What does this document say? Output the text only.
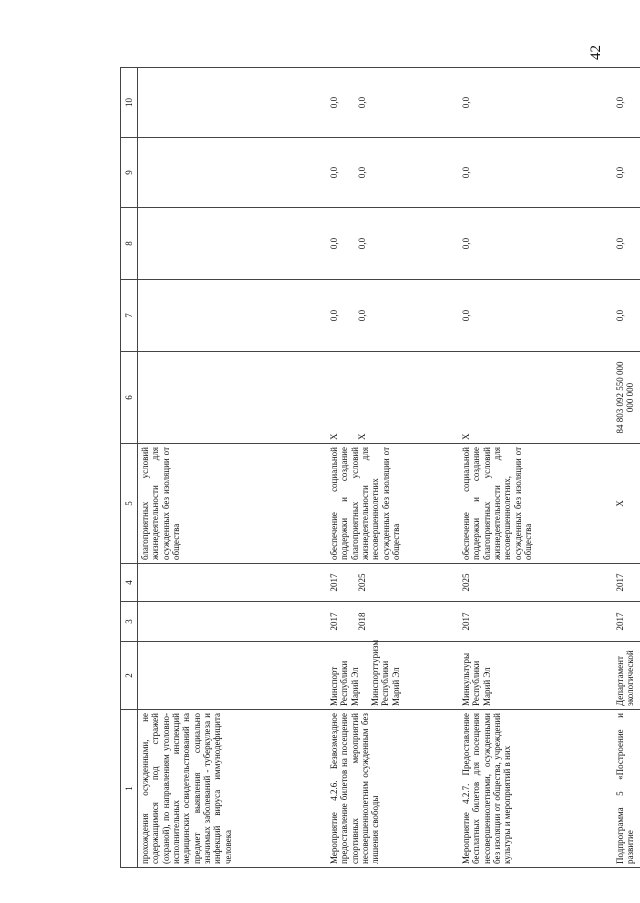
42
1	2	3	4	5	6	7	8	9	10
прохождения осужденными, не содержащимися под стражей (охраной), по направлениям уголовно-исполнительных инспекций медицинских освидетельствований на предмет выявления социально значимых заболеваний - туберкулеза и инфекций вируса иммунодефицита человека				благоприятных условий жизнедеятельности для осужденных без изоляции от общества					
Мероприятие 4.2.6. Безвозмездное предоставление билетов на посещение спортивных мероприятий несовершеннолетним осужденным без лишения свободы	Минспорт Республики Марий Эл Минспорттуризм Республики Марий Эл	2017 2018	2017 2025	обеспечение социальной поддержки и создание благоприятных условий жизнедеятельности для несовершеннолетних осужденных без изоляции от общества	Х Х	0,0 0,0	0,0 0,0	0,0 0,0	0,0 0,0

Мероприятие 4.2.7. Предоставление бесплатных билетов для посещения несовершеннолетними, осужденными без изоляции от общества, учреждений культуры и мероприятий в них	Минкультуры Республики Марий Эл	2017	2025	обеспечение социальной поддержки и создание благоприятных условий жизнедеятельности для несовершеннолетних, осужденных без изоляции от общества	Х	0,0	0,0	0,0	0,0
Подпрограмма 5 «Построение и развитие	Департамент экологической	2017	2017	Х	84 803 092 550 000 000 000	0,0	0,0	0,0	0,0
